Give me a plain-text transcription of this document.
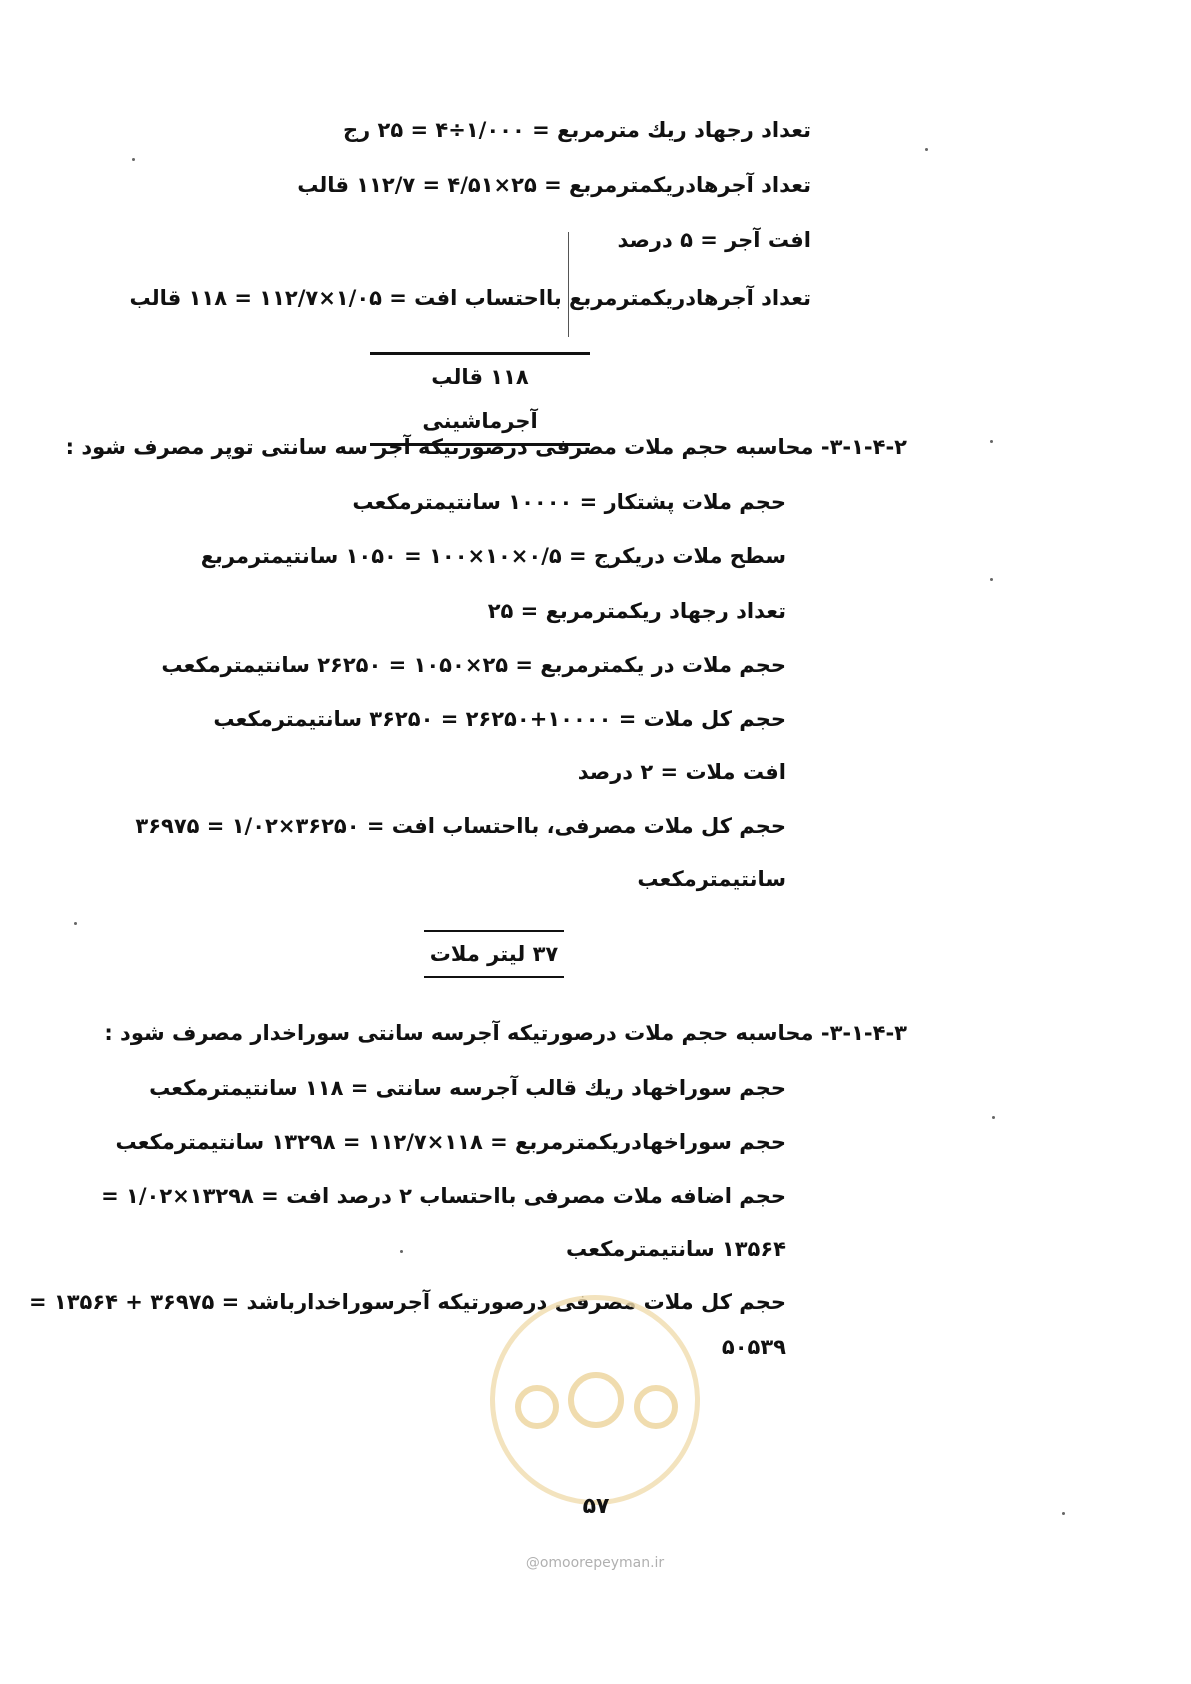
تعداد رجهاد ریك مترمربع = ۱/۰۰۰÷۴ = ۲۵ رج
تعداد آجرهادریکمترمربع = ۲۵×۴/۵۱ = ۱۱۲/۷ قالب
افت آجر = ۵ درصد
تعداد آجرهادریکمترمربع بااحتساب افت = ۱/۰۵×۱۱۲/۷ = ۱۱۸ قالب
۱۱۸ قالب آجرماشینی
۳-۱-۴-۲- محاسبه حجم ملات مصرفی درصورتیکه آجر سه سانتی توپر مصرف شود :
حجم ملات پشتکار = ۱۰۰۰۰ سانتیمترمکعب
سطح ملات دریکرج = ۰/۵×۱۰×۱۰۰ = ۱۰۵۰ سانتیمترمربع
تعداد رجهاد ریکمترمربع = ۲۵
حجم ملات در یکمترمربع = ۲۵×۱۰۵۰ = ۲۶۲۵۰ سانتیمترمکعب
حجم کل ملات = ۱۰۰۰۰+۲۶۲۵۰ = ۳۶۲۵۰ سانتیمترمکعب
افت ملات = ۲ درصد
حجم کل ملات مصرفی، بااحتساب افت = ۳۶۲۵۰×۱/۰۲ = ۳۶۹۷۵
سانتیمترمکعب
۳۷ لیتر ملات
۳-۱-۴-۳- محاسبه حجم ملات درصورتیکه آجرسه سانتی سوراخدار مصرف شود :
حجم سوراخهاد ریك قالب آجرسه سانتی = ۱۱۸ سانتیمترمکعب
حجم سوراخهادریکمترمربع = ۱۱۸×۱۱۲/۷ = ۱۳۲۹۸ سانتیمترمکعب
حجم اضافه ملات مصرفی بااحتساب ۲ درصد افت = ۱۳۲۹۸×۱/۰۲ =
۱۳۵۶۴ سانتیمترمکعب
حجم کل ملات مصرفی درصورتیکه آجرسوراخدارباشد = ۳۶۹۷۵ + ۱۳۵۶۴ =
۵۰۵۳۹
۵۷
@omoorepeyman.ir
